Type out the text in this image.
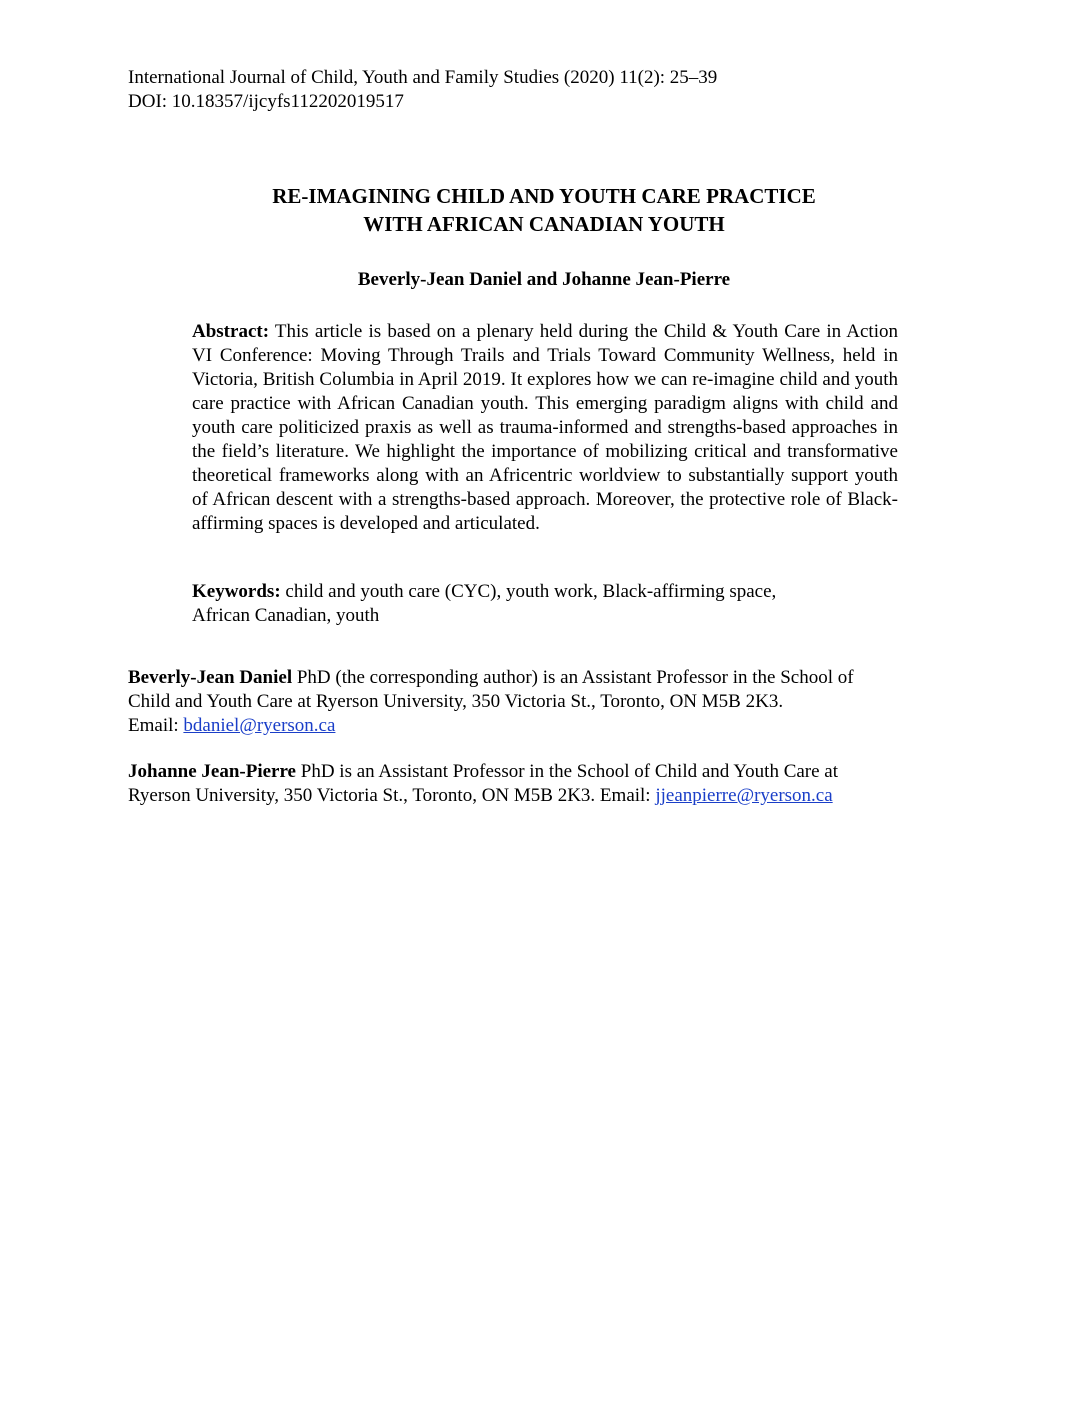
International Journal of Child, Youth and Family Studies (2020) 11(2): 25–39
DOI: 10.18357/ijcyfs112202019517
RE-IMAGINING CHILD AND YOUTH CARE PRACTICE
WITH AFRICAN CANADIAN YOUTH
Beverly-Jean Daniel and Johanne Jean-Pierre
Abstract: This article is based on a plenary held during the Child & Youth Care in Action VI Conference: Moving Through Trails and Trials Toward Community Wellness, held in Victoria, British Columbia in April 2019. It explores how we can re-imagine child and youth care practice with African Canadian youth. This emerging paradigm aligns with child and youth care politicized praxis as well as trauma-informed and strengths-based approaches in the field’s literature. We highlight the importance of mobilizing critical and transformative theoretical frameworks along with an Africentric worldview to substantially support youth of African descent with a strengths-based approach. Moreover, the protective role of Black-affirming spaces is developed and articulated.
Keywords: child and youth care (CYC), youth work, Black-affirming space,
African Canadian, youth
Beverly-Jean Daniel PhD (the corresponding author) is an Assistant Professor in the School of
Child and Youth Care at Ryerson University, 350 Victoria St., Toronto, ON M5B 2K3.
Email: bdaniel@ryerson.ca
Johanne Jean-Pierre PhD is an Assistant Professor in the School of Child and Youth Care at
Ryerson University, 350 Victoria St., Toronto, ON M5B 2K3. Email: jjeanpierre@ryerson.ca
